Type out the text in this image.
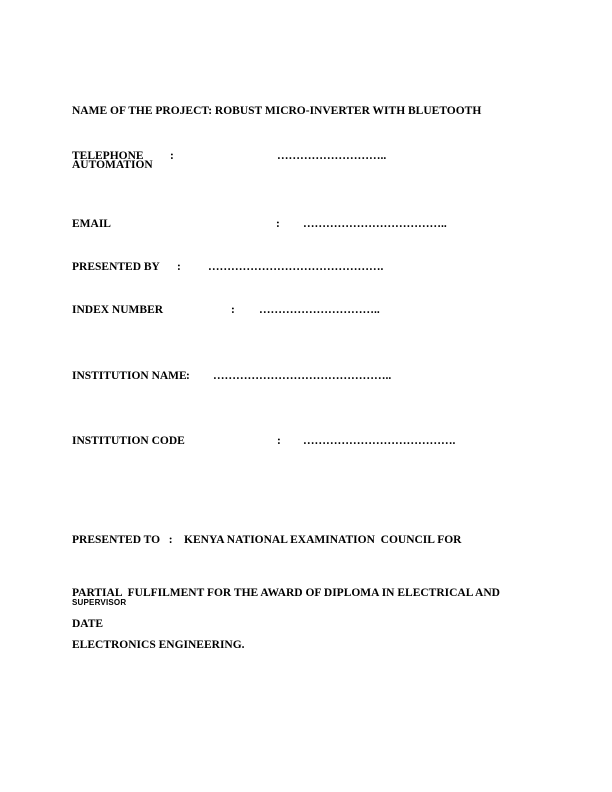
NAME OF THE PROJECT: ROBUST MICRO-INVERTER WITH BLUETOOTH

AUTOMATION

TELEPHONE :	………………………..
EMAIL	: ………………………………..
PRESENTED BY : ……………………………………….
INDEX NUMBER	: …………………………..
INSTITUTION NAME : ………………………………………..
INSTITUTION CODE	: ………………………………….

PRESENTED TO   :    KENYA NATIONAL EXAMINATION  COUNCIL FOR

PARTIAL  FULFILMENT FOR THE AWARD OF DIPLOMA IN ELECTRICAL AND

ELECTRONICS ENGINEERING.

SUPERVISOR
DATE
